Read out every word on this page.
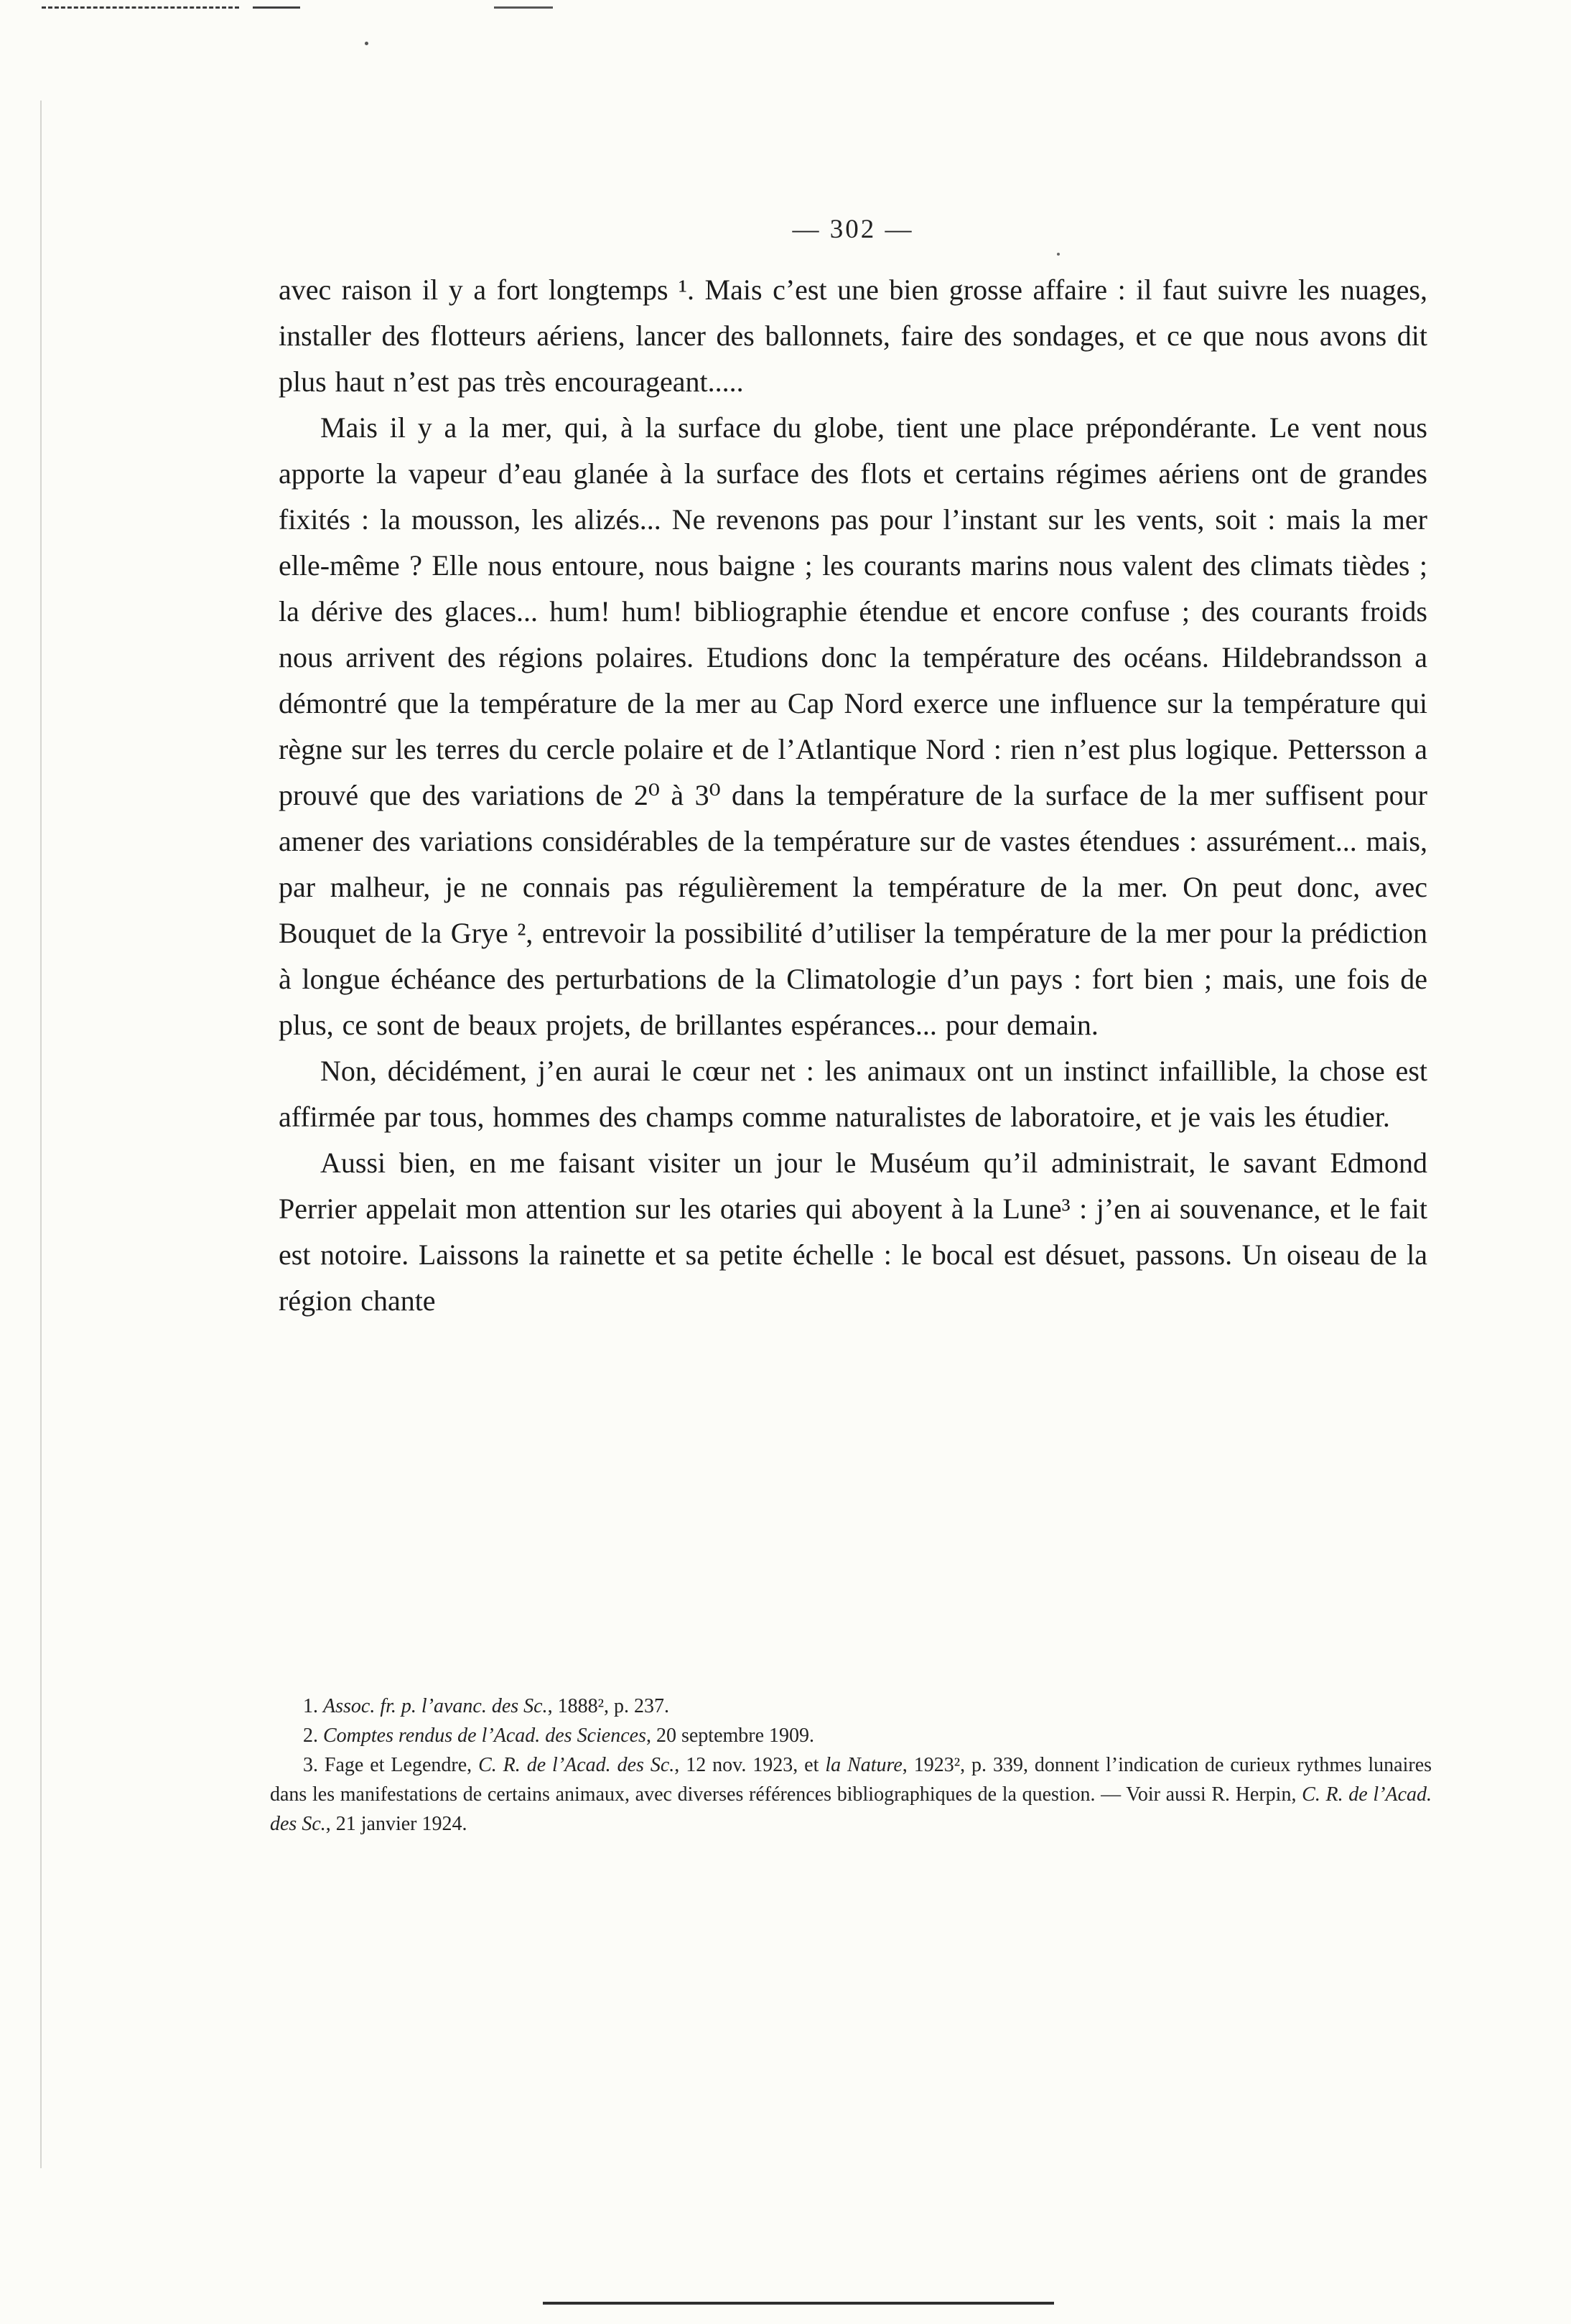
— 302 —

avec raison il y a fort longtemps ¹. Mais c’est une bien grosse affaire : il faut suivre les nuages, installer des flotteurs aériens, lancer des ballonnets, faire des sondages, et ce que nous avons dit plus haut n’est pas très encourageant.....

Mais il y a la mer, qui, à la surface du globe, tient une place prépondérante. Le vent nous apporte la vapeur d’eau glanée à la surface des flots et certains régimes aériens ont de grandes fixités : la mousson, les alizés... Ne revenons pas pour l’instant sur les vents, soit : mais la mer elle-même ? Elle nous entoure, nous baigne ; les courants marins nous valent des climats tièdes ; la dérive des glaces... hum! hum! bibliographie étendue et encore confuse ; des courants froids nous arrivent des régions polaires. Etudions donc la température des océans. Hildebrandsson a démontré que la température de la mer au Cap Nord exerce une influence sur la température qui règne sur les terres du cercle polaire et de l’Atlantique Nord : rien n’est plus logique. Pettersson a prouvé que des variations de 2⁰ à 3⁰ dans la température de la surface de la mer suffisent pour amener des variations considérables de la température sur de vastes étendues : assurément... mais, par malheur, je ne connais pas régulièrement la température de la mer. On peut donc, avec Bouquet de la Grye ², entrevoir la possibilité d’utiliser la température de la mer pour la prédiction à longue échéance des perturbations de la Climatologie d’un pays : fort bien ; mais, une fois de plus, ce sont de beaux projets, de brillantes espérances... pour demain.

Non, décidément, j’en aurai le cœur net : les animaux ont un instinct infaillible, la chose est affirmée par tous, hommes des champs comme naturalistes de laboratoire, et je vais les étudier.

Aussi bien, en me faisant visiter un jour le Muséum qu’il administrait, le savant Edmond Perrier appelait mon attention sur les otaries qui aboyent à la Lune³ : j’en ai souvenance, et le fait est notoire. Laissons la rainette et sa petite échelle : le bocal est désuet, passons. Un oiseau de la région chante

1. Assoc. fr. p. l’avanc. des Sc., 1888², p. 237.

2. Comptes rendus de l’Acad. des Sciences, 20 septembre 1909.

3. Fage et Legendre, C. R. de l’Acad. des Sc., 12 nov. 1923, et la Nature, 1923², p. 339, donnent l’indication de curieux rythmes lunaires dans les manifestations de certains animaux, avec diverses références bibliographiques de la question. — Voir aussi R. Herpin, C. R. de l’Acad. des Sc., 21 janvier 1924.
